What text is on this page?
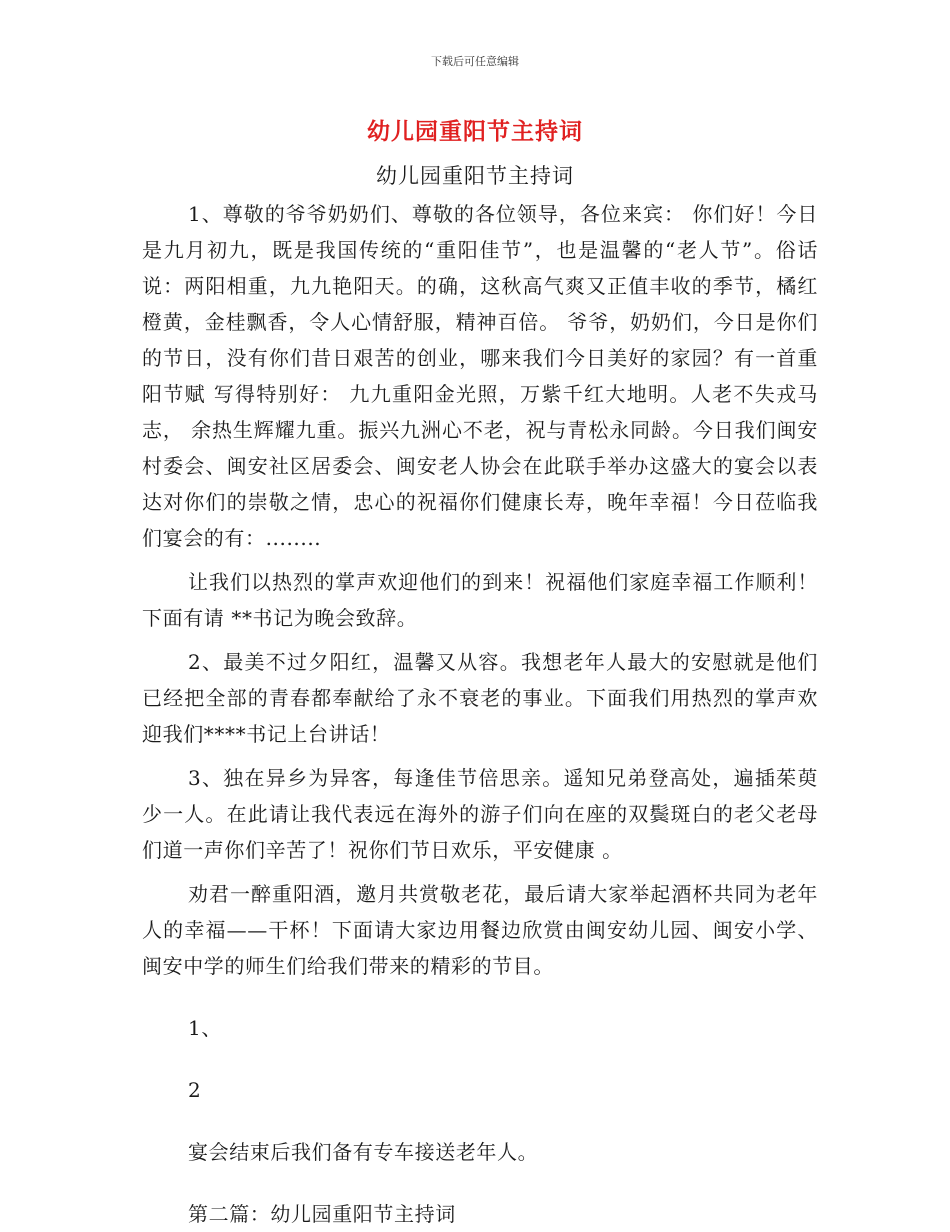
下载后可任意编辑
幼儿园重阳节主持词
幼儿园重阳节主持词

1、尊敬的爷爷奶奶们、尊敬的各位领导，各位来宾： 你们好！今日是九月初九，既是我国传统的“重阳佳节”，也是温馨的“老人节”。俗话说：两阳相重，九九艳阳天。的确，这秋高气爽又正值丰收的季节，橘红橙黄，金桂飘香，令人心情舒服，精神百倍。 爷爷，奶奶们，今日是你们的节日，没有你们昔日艰苦的创业，哪来我们今日美好的家园？有一首重阳节赋 写得特别好： 九九重阳金光照，万紫千红大地明。人老不失戎马志， 余热生辉耀九重。振兴九洲心不老，祝与青松永同龄。今日我们闽安村委会、闽安社区居委会、闽安老人协会在此联手举办这盛大的宴会以表达对你们的崇敬之情，忠心的祝福你们健康长寿，晚年幸福！今日莅临我们宴会的有：........

让我们以热烈的掌声欢迎他们的到来！祝福他们家庭幸福工作顺利！下面有请 **书记为晚会致辞。

2、最美不过夕阳红，温馨又从容。我想老年人最大的安慰就是他们已经把全部的青春都奉献给了永不衰老的事业。下面我们用热烈的掌声欢迎我们****书记上台讲话！

3、独在异乡为异客，每逢佳节倍思亲。遥知兄弟登高处，遍插茱萸少一人。在此请让我代表远在海外的游子们向在座的双鬓斑白的老父老母们道一声你们辛苦了！祝你们节日欢乐，平安健康 。

劝君一醉重阳酒，邀月共赏敬老花，最后请大家举起酒杯共同为老年人的幸福——干杯！下面请大家边用餐边欣赏由闽安幼儿园、闽安小学、闽安中学的师生们给我们带来的精彩的节目。

1、

2

宴会结束后我们备有专车接送老年人。

第二篇：幼儿园重阳节主持词
